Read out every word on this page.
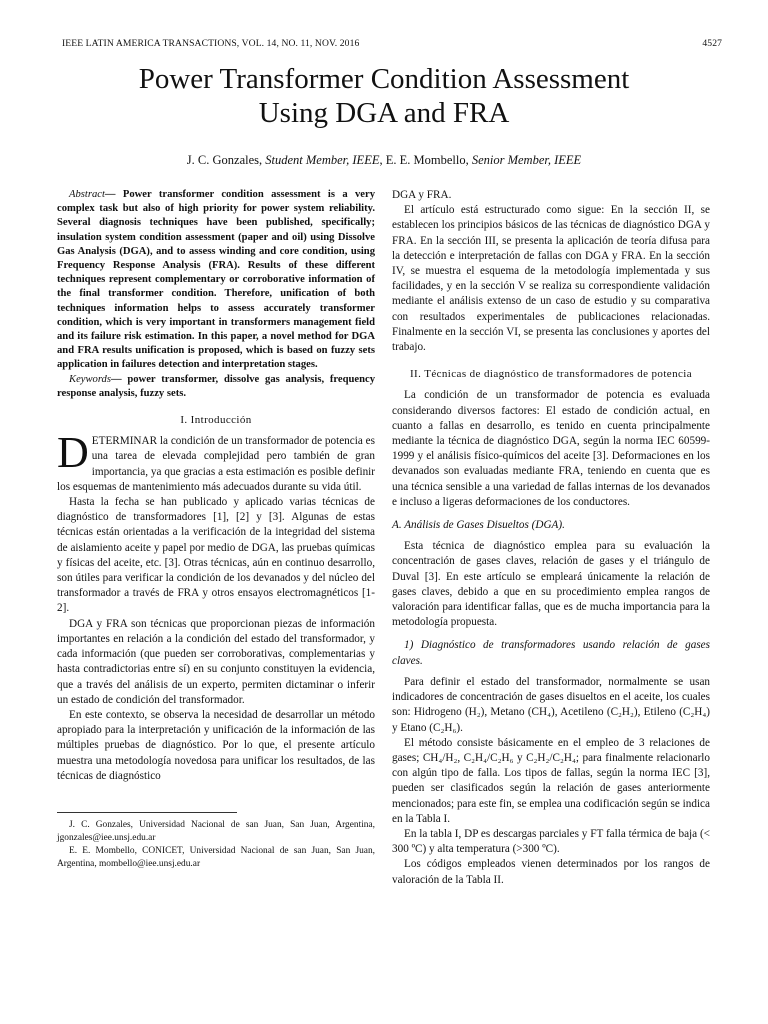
IEEE LATIN AMERICA TRANSACTIONS, VOL. 14, NO. 11, NOV. 2016	4527
Power Transformer Condition Assessment
Using DGA and FRA
J. C. Gonzales, Student Member, IEEE, E. E. Mombello, Senior Member, IEEE

Abstract— Power transformer condition assessment is a very complex task but also of high priority for power system reliability. Several diagnosis techniques have been published, specifically; insulation system condition assessment (paper and oil) using Dissolve Gas Analysis (DGA), and to assess winding and core condition, using Frequency Response Analysis (FRA). Results of these different techniques represent complementary or corroborative information of the final transformer condition. Therefore, unification of both techniques information helps to assess accurately transformer condition, which is very important in transformers management field and its failure risk estimation. In this paper, a novel method for DGA and FRA results unification is proposed, which is based on fuzzy sets application in failures detection and interpretation stages.

Keywords— power transformer, dissolve gas analysis, frequency response analysis, fuzzy sets.

I. Introducción

DETERMINAR la condición de un transformador de potencia es una tarea de elevada complejidad pero también de gran importancia, ya que gracias a esta estimación es posible definir los esquemas de mantenimiento más adecuados durante su vida útil.

Hasta la fecha se han publicado y aplicado varias técnicas de diagnóstico de transformadores [1], [2] y [3]. Algunas de estas técnicas están orientadas a la verificación de la integridad del sistema de aislamiento aceite y papel por medio de DGA, las pruebas químicas y físicas del aceite, etc. [3]. Otras técnicas, aún en continuo desarrollo, son útiles para verificar la condición de los devanados y del núcleo del transformador a través de FRA y otros ensayos electromagnéticos [1-2].

DGA y FRA son técnicas que proporcionan piezas de información importantes en relación a la condición del estado del transformador, y cada información (que pueden ser corroborativas, complementarias y hasta contradictorias entre sí) en su conjunto constituyen la evidencia, que a través del análisis de un experto, permiten dictaminar o inferir un estado de condición del transformador.

En este contexto, se observa la necesidad de desarrollar un método apropiado para la interpretación y unificación de la información de las múltiples pruebas de diagnóstico. Por lo que, el presente artículo muestra una metodología novedosa para unificar los resultados, de las técnicas de diagnóstico

J. C. Gonzales, Universidad Nacional de san Juan, San Juan, Argentina, jgonzales@iee.unsj.edu.ar

E. E. Mombello, CONICET, Universidad Nacional de san Juan, San Juan, Argentina, mombello@iee.unsj.edu.ar

DGA y FRA.

El artículo está estructurado como sigue: En la sección II, se establecen los principios básicos de las técnicas de diagnóstico DGA y FRA. En la sección III, se presenta la aplicación de teoría difusa para la detección e interpretación de fallas con DGA y FRA. En la sección IV, se muestra el esquema de la metodología implementada y sus facilidades, y en la sección V se realiza su correspondiente validación mediante el análisis extenso de un caso de estudio y su comparativa con resultados experimentales de publicaciones relacionadas. Finalmente en la sección VI, se presenta las conclusiones y aportes del trabajo.

II. Técnicas de diagnóstico de transformadores de potencia

La condición de un transformador de potencia es evaluada considerando diversos factores: El estado de condición actual, en cuanto a fallas en desarrollo, es tenido en cuenta principalmente mediante la técnica de diagnóstico DGA, según la norma IEC 60599-1999 y el análisis físico-químicos del aceite [3]. Deformaciones en los devanados son evaluadas mediante FRA, teniendo en cuenta que es una técnica sensible a una variedad de fallas internas de los devanados e incluso a ligeras deformaciones de los conductores.

A. Análisis de Gases Disueltos (DGA).

Esta técnica de diagnóstico emplea para su evaluación la concentración de gases claves, relación de gases y el triángulo de Duval [3]. En este artículo se empleará únicamente la relación de gases claves, debido a que en su procedimiento emplea rangos de valoración para identificar fallas, que es de mucha importancia para la metodología propuesta.

1) Diagnóstico de transformadores usando relación de gases claves.

Para definir el estado del transformador, normalmente se usan indicadores de concentración de gases disueltos en el aceite, los cuales son: Hidrogeno (H₂), Metano (CH₄), Acetileno (C₂H₂), Etileno (C₂H₄) y Etano (C₂H₆).

El método consiste básicamente en el empleo de 3 relaciones de gases; CH₄/H₂, C₂H₄/C₂H₆ y C₂H₂/C₂H₄; para finalmente relacionarlo con algún tipo de falla. Los tipos de fallas, según la norma IEC [3], pueden ser clasificados según la relación de gases anteriormente mencionados; para este fin, se emplea una codificación según se indica en la Tabla I.

En la tabla I, DP es descargas parciales y FT falla térmica de baja (< 300 ºC) y alta temperatura (>300 ºC).

Los códigos empleados vienen determinados por los rangos de valoración de la Tabla II.
